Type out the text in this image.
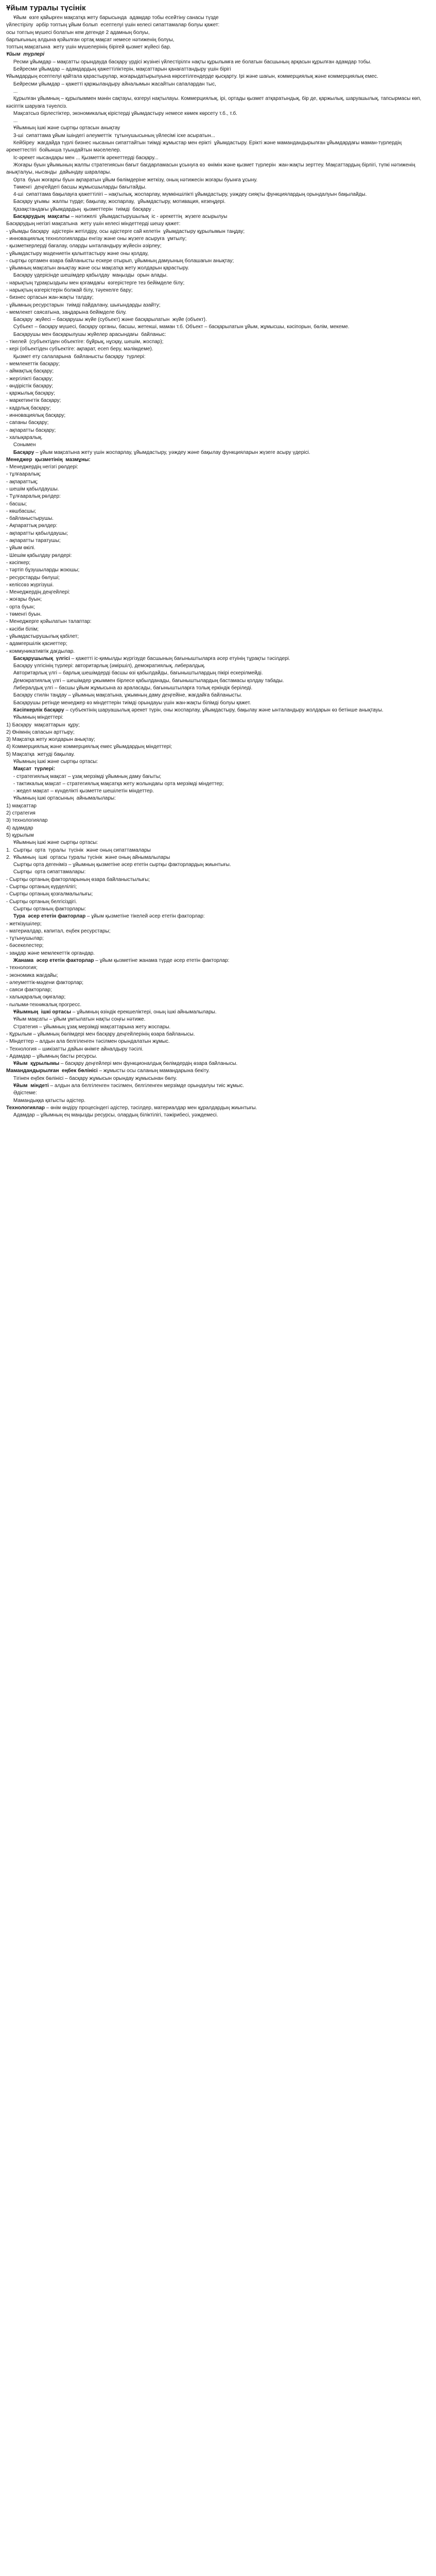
Ұйым туралы түсінік
Ұйым  өзге қайырғен мақсатқа жету барысында  адамдар тобы есейтіну санасы түзде
үйлестірілу  әрбір топтың ұйым болып  есептелуі үшін келесі сипаттамалар болуы қажет:
осы топтың мүшесі болатын кем дегенде 2 адамның болуы,
барлығының алдына қойылған ортақ мақсат немесе нәтиженің болуы,
топтың мақсатына  жету үшін мүшелерінің бірігей қызмет жүйесі бар.
Ұйым  түрлері
Ресми ұйымдар – мақсатты орындауда басқару үрдісі жүзінеі үйлестірілгн нақты құрылымға ие болатын басшының арқасын құрылған адамдар тобы.
Бейресми ұйымдар – адамдардың қажеттіліктерін, мақсаттарын қанағаттандыру үшін бірігі
Ұйымдардың есептелуі қайтала қарастырулар, жоғарыдатырылуына көрсетілгендерде қысқарту. Ірі және шағын, коммерциялық және коммерциялық емес.
Бейресми ұйымдар – қажетті қаржыландыру айналымын жасайтын сапалардан тыс,
...
Құрылған ұйымның – құрылыммен мәнін сақтауы, өзгеруі нақтылауы. Коммерциялық, ірі, ортады қызмет атқаратындық, бір де, қаржылық, шаруашылық, тапсырмасы көп, кәсіптік шаруаға тәуелсіз.
Мақсатсыз бірлестіктер, экономикалық кірістерді ұйымдастыру немесе көмек көрсету т.б., т.б.
...
Ұйымның ішкі және сыртқы ортасын анықтау
3-ші  сипаттама ұйым ішіндегі әлеуметтік  тұтынушысының үйлесімі іске асыратын...
Кейбіреу  жағдайда түрлі бизнес нысанын сипаттайтын тиімді жұмыстар мен ерікті  ұйымдастыру. Ерікті және мамандандырылған ұйымдардағы маман-түрлердің әрекеттестігі  бойынша туындайтын мәселелер.
Іс-әрекет нысандары мен ... Қызметтік әрекеттерді басқару...
Жоғары буын ұйымының жалпы стратегиясын бағыт бағдарламасын ұсынуға өз  өнімін және қызмет түрлерін  жан-жақты зерттеу. Мақсаттардың бірлігі, түпкі нәтиженің анықталуы, нысанды  дайындау шаралары.
Орта  буын жоғарғы буын ақпаратын ұйым бөлімдеріне жеткізу, оның нәтижесін жоғары буынға ұсыну.
Төменгі  деңгейдегі басшы жұмысшыларды бағытайды.
4-ші  сипаттама бақылауға қажеттілігі – нақтылық, жоспарлау, мүмкіншілікті ұйымдастыру, уәждеу сияқты функциялардың орындалуын бақылайды.
Басқару ұғымы  жалпы түрде; бақылау, жоспарлау,  ұйымдастыру, мотивация, кезеңдері.
Қазақстандағы ұйымдардың  қызметтерін  тиімді  басқару .
Басқарудың  мақсаты – нәтижелі  ұйымдастырушылық  іс - әрекеттің  жүзеге асырылуы
Басқарудың негізгі мақсатына  жету үшін келесі міндеттерді шешу қажет:
- ұйымды басқару  әдістерін жетілдіру, осы әдістерге сай келетін  ұйымдастыру құрылымын таңдау;
- инновациялық технологияларды енгізу және оны жүзеге асыруға  ұмтылу;
- қызметкерлерді бағалау, оларды ынталандыру жүйесін әзірлеу;
- ұйымдастыру мәдениетін қалыптастыру және оны қолдау,
- сыртқы ортамен өзара байланысты ескере отырып, ұйымның дамуының болашағын анықтау;
- ұйымның мақсатын анықтау және осы мақсатқа жету жолдарын қарастыру.
Басқару үдерісінде шешімдер қабылдау  маңызды  орын алады.
- нарықтың тұрақсыздығы мен қоғамдағы  өзгерістерге тез бейімделе білу;
- нарықтың өзгерістерін болжай білу, тәуекелге бару;
- бизнес ортасын жан-жақты талдау;
- ұйымның ресурстарын  тиімді пайдалану, шығындарды азайту;
- мемлекет саясатына, заңдарына бейімделе білу.
Басқару  жүйесі – басқарушы жүйе (субъект) және басқарылатын  жүйе (объект).
Субъект – басқару мүшесі, басқару органы, басшы, жетекші, маман т.б. Объект – басқарылатын ұйым, жұмысшы, кәсіпорын, бөлім, мекеме.
Басқарушы мен басқарылушы жүйелер арасындағы  байланыс:
- тікелей  (субъектіден объектіге: бұйрық, нұсқау, шешім, жоспар);
- кері (объектіден субъектіге: ақпарат, есеп беру, мәлімдеме).
Қызмет ету салаларына  байланысты басқару  түрлері:
- мемлекеттік басқару;
- аймақтық басқару;
- жергілікті басқару;
- өндірістік басқару;
- қаржылық басқару;
- маркетингтік басқару;
- кадрлық басқару;
- инновациялық басқару;
- сапаны басқару;
- ақпаратты басқару;
- халықаралық.
Сонымен
Басқару – ұйым мақсатына жету үшін жоспарлау, ұйымдастыру, уәждеу және бақылау функцияларын жүзеге асыру үдерісі.
Менеджер  қызметінің  мазмұны:
- Менеджердің негізгі рөлдері:
- тұлғааралық;
- ақпараттық;
- шешім қабылдаушы.
- Тұлғааралық рөлдер:
- басшы;
- көшбасшы;
- байланыстырушы.
- Ақпараттық рөлдер:
- ақпаратты қабылдаушы;
- ақпаратты таратушы;
- ұйым өкілі.
- Шешім қабылдау рөлдері:
- кәсіпкер;
- тәртіп бұзушыларды жоюшы;
- ресурстарды бөлуші;
- келіссөз жүргізуші.
- Менеджердің деңгейлері:
- жоғары буын;
- орта буын;
- төменгі буын.
- Менеджерге қойылатын талаптар:
- кәсіби білім;
- ұйымдастырушылық қабілет;
- адамгершілік қасиеттер;
- коммуникативтік дағдылар.
Басқарушылық  үлгісі – қажетті іс-қимылды жүргізуде басшының бағыныштыларға әсер етуінің тұрақты тәсілдері.
Басқару үлгісінің түрлері: авторитарлық (әміршіл), демократиялық, либералдық.
Авторитарлық үлгі – барлық шешімдерді басшы өзі қабылдайды, бағыныштылардың пікірі ескерілмейді.
Демократиялық үлгі – шешімдер ұжыммен бірлесе қабылданады, бағыныштылардың бастамасы қолдау табады.
Либералдық үлгі – басшы ұйым жұмысына аз араласады, бағыныштыларға толық еркіндік беріледі.
Басқару стилін таңдау – ұйымның мақсатына, ұжымның даму деңгейіне, жағдайға байланысты.
Басқарушы ретінде менеджер өз міндеттерін тиімді орындауы үшін жан-жақты білімді болуы қажет.
Кәсіпкерлік басқару – субъектінің шаруашылық әрекет түрін, оны жоспарлау, ұйымдастыру, бақылау және ынталандыру жолдарын өз бетінше анықтауы.
Ұйымның міндеттері:
1) Басқару  мақсаттарын  құру;
2) Өнімнің сапасын арттыру;
3) Мақсатқа жету жолдарын анықтау;
4) Коммерциялық және коммерциялық емес ұйымдардың міндеттері;
5) Мақсатқа  жетуді бақылау.
Ұйымның ішкі және сыртқы ортасы:
Мақсат  түрлері:
- стратегиялық мақсат – ұзақ мерзімді ұйымның даму бағыты;
- тактикалық мақсат – стратегиялық мақсатқа жету жолындағы орта мерзімді міндеттер;
- жедел мақсат – күнделікті қызметте шешілетін міндеттер.
Ұйымның ішкі ортасының  айнымалылары:
1) мақсаттар
2) стратегия
3) технологиялар
4) адамдар
5) құрылым
Ұйымның ішкі және сыртқы ортасы:
1.  Сыртқы  орта  туралы  түсінік  және оның сипаттамалары
2.  Ұйымның  ішкі  ортасы туралы түсінік  және оның айнымалылары
Сыртқы орта дегеніміз – ұйымның қызметіне әсер ететін сыртқы факторлардың жиынтығы.
Сыртқы  орта сипаттамалары:
- Сыртқы ортаның факторларының өзара байланыстылығы;
- Сыртқы ортаның күрделілігі;
- Сыртқы ортаның қозғалмалылығы;
- Сыртқы ортаның белгісіздігі.
Сыртқы ортаның факторлары:
Тура  әсер ететін факторлар – ұйым қызметіне тікелей әсер ететін факторлар:
- жеткізушілер;
- материалдар, капитал, еңбек ресурстары;
- тұтынушылар;
- бәсекелестер;
- заңдар және мемлекеттік органдар.
Жанама  әсер ететін факторлар – ұйым қызметіне жанама түрде әсер ететін факторлар:
- технология;
- экономика жағдайы;
- әлеуметтік-мәдени факторлар;
- саяси факторлар;
- халықаралық оқиғалар;
- ғылыми-техникалық прогресс.
Ұйымның  ішкі ортасы – ұйымның өзіндік ерекшеліктері, оның ішкі айнымалылары.
Ұйым мақсаты – ұйым ұмтылатын нақты соңғы нәтиже.
Стратегия – ұйымның ұзақ мерзімді мақсаттарына жету жоспары.
- Құрылым – ұйымның бөлімдері мен басқару деңгейлерінің өзара байланысы.
- Міндеттер – алдын ала белгіленген тәсілмен орындалатын жұмыс.
- Технология – шикізатты дайын өнімге айналдыру тәсілі.
- Адамдар – ұйымның басты ресурсы.
Ұйым  құрылымы – басқару деңгейлері мен функционалдық бөлімдердің өзара байланысы.
Мамандандырылған  еңбек бөлінісі – жұмысты осы саланың мамандарына бекіту.
Тігінен еңбек бөлінісі – басқару жұмысын орындау жұмысынан бөлу.
Ұйым  міндеті – алдын ала белгіленген тәсілмен, белгіленген мерзімде орындалуы тиіс жұмыс.
Әдістеме:
Мамандыққа қатысты әдістер.
Технологиялар – өнім өндіру процесіндегі әдістер, тәсілдер, материалдар мен құралдардың жиынтығы.
Адамдар – ұйымның ең маңызды ресурсы, олардың біліктілігі, тәжірибесі, уәждемесі.
